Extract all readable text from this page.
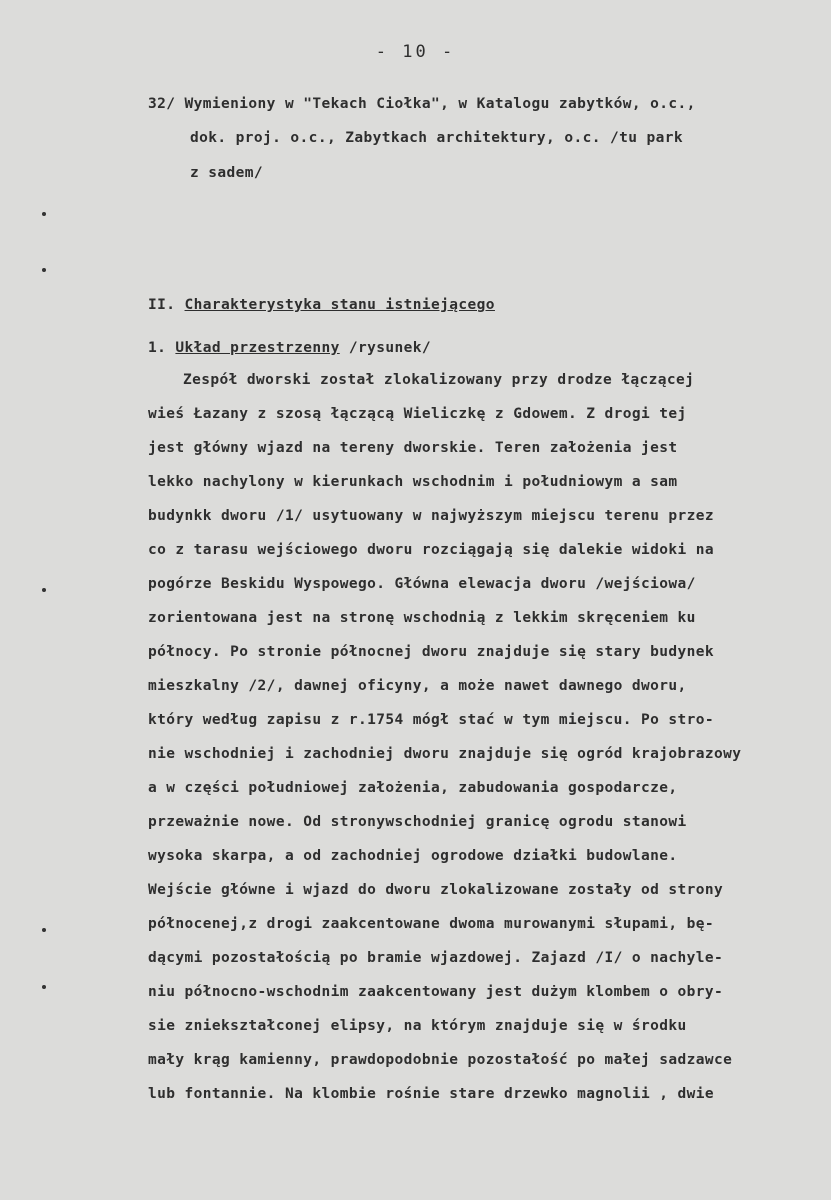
- 10 -
32/ Wymieniony w "Tekach Ciołka", w Katalogu zabytków, o.c.,
dok. proj. o.c., Zabytkach architektury, o.c. /tu park
z sadem/
II. Charakterystyka stanu istniejącego
1. Układ przestrzenny /rysunek/
Zespół dworski został zlokalizowany przy drodze łączącej
wieś Łazany z szosą łączącą Wieliczkę z Gdowem. Z drogi tej
jest główny wjazd na tereny dworskie. Teren założenia jest
lekko nachylony w kierunkach wschodnim i południowym a sam
budynkk dworu /1/ usytuowany w najwyższym miejscu terenu przez
co z tarasu wejściowego dworu rozciągają się dalekie widoki na
pogórze Beskidu Wyspowego. Główna elewacja dworu /wejściowa/
zorientowana jest na stronę wschodnią z lekkim skręceniem ku
północy. Po stronie północnej dworu znajduje się stary budynek
mieszkalny /2/, dawnej oficyny, a może nawet dawnego dworu,
który według zapisu z r.1754 mógł stać w tym miejscu. Po stro-
nie wschodniej i zachodniej dworu znajduje się ogród krajobrazowy
a w części południowej założenia, zabudowania gospodarcze,
przeważnie nowe. Od stronywschodniej granicę ogrodu stanowi
wysoka skarpa, a od zachodniej ogrodowe działki budowlane.
Wejście główne i wjazd do dworu zlokalizowane zostały od strony
północenej,z drogi zaakcentowane dwoma murowanymi słupami, bę-
dącymi pozostałością po bramie wjazdowej. Zajazd /I/ o nachyle-
niu północno-wschodnim zaakcentowany jest dużym klombem o obry-
sie zniekształconej elipsy, na którym znajduje się w środku
mały krąg kamienny, prawdopodobnie pozostałość po małej sadzawce
lub fontannie. Na klombie rośnie stare drzewko magnolii , dwie
